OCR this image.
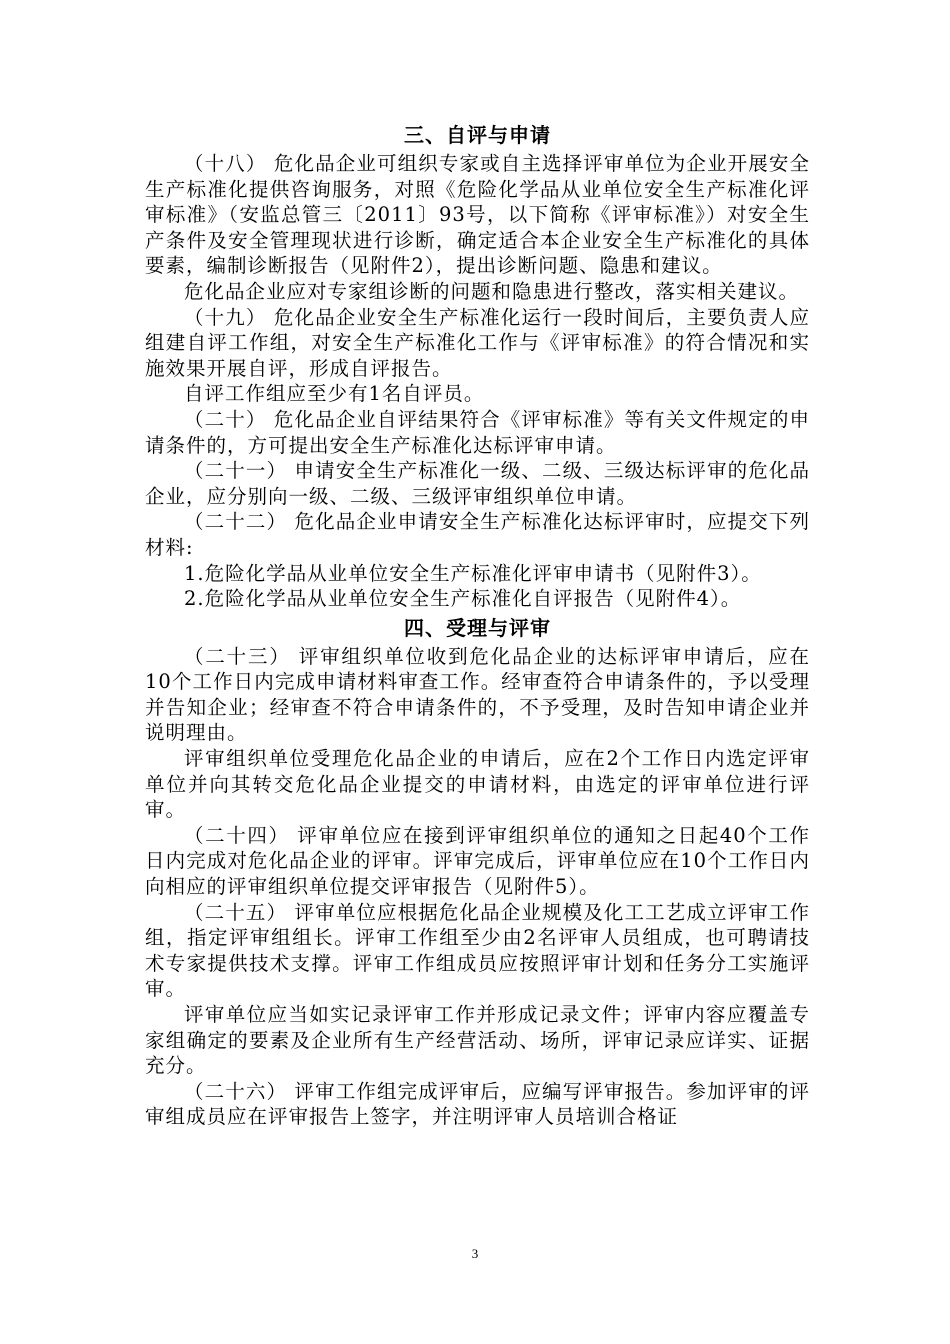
三、自评与申请

（十八） 危化品企业可组织专家或自主选择评审单位为企业开展安全生产标准化提供咨询服务，对照《危险化学品从业单位安全生产标准化评审标准》（安监总管三〔2011〕93号，以下简称《评审标准》）对安全生产条件及安全管理现状进行诊断，确定适合本企业安全生产标准化的具体要素，编制诊断报告（见附件2），提出诊断问题、隐患和建议。

危化品企业应对专家组诊断的问题和隐患进行整改，落实相关建议。

（十九） 危化品企业安全生产标准化运行一段时间后，主要负责人应组建自评工作组，对安全生产标准化工作与《评审标准》的符合情况和实施效果开展自评，形成自评报告。

自评工作组应至少有1名自评员。

（二十） 危化品企业自评结果符合《评审标准》等有关文件规定的申请条件的，方可提出安全生产标准化达标评审申请。

（二十一） 申请安全生产标准化一级、二级、三级达标评审的危化品企业，应分别向一级、二级、三级评审组织单位申请。

（二十二） 危化品企业申请安全生产标准化达标评审时，应提交下列材料:

1.危险化学品从业单位安全生产标准化评审申请书（见附件3）。

2.危险化学品从业单位安全生产标准化自评报告（见附件4）。

四、受理与评审

（二十三） 评审组织单位收到危化品企业的达标评审申请后，应在10个工作日内完成申请材料审查工作。经审查符合申请条件的，予以受理并告知企业；经审查不符合申请条件的，不予受理，及时告知申请企业并说明理由。

评审组织单位受理危化品企业的申请后，应在2个工作日内选定评审单位并向其转交危化品企业提交的申请材料，由选定的评审单位进行评审。

（二十四） 评审单位应在接到评审组织单位的通知之日起40个工作日内完成对危化品企业的评审。评审完成后，评审单位应在10个工作日内向相应的评审组织单位提交评审报告（见附件5）。

（二十五） 评审单位应根据危化品企业规模及化工工艺成立评审工作组，指定评审组组长。评审工作组至少由2名评审人员组成，也可聘请技术专家提供技术支撑。评审工作组成员应按照评审计划和任务分工实施评审。

评审单位应当如实记录评审工作并形成记录文件；评审内容应覆盖专家组确定的要素及企业所有生产经营活动、场所，评审记录应详实、证据充分。

（二十六） 评审工作组完成评审后，应编写评审报告。参加评审的评审组成员应在评审报告上签字，并注明评审人员培训合格证

3
